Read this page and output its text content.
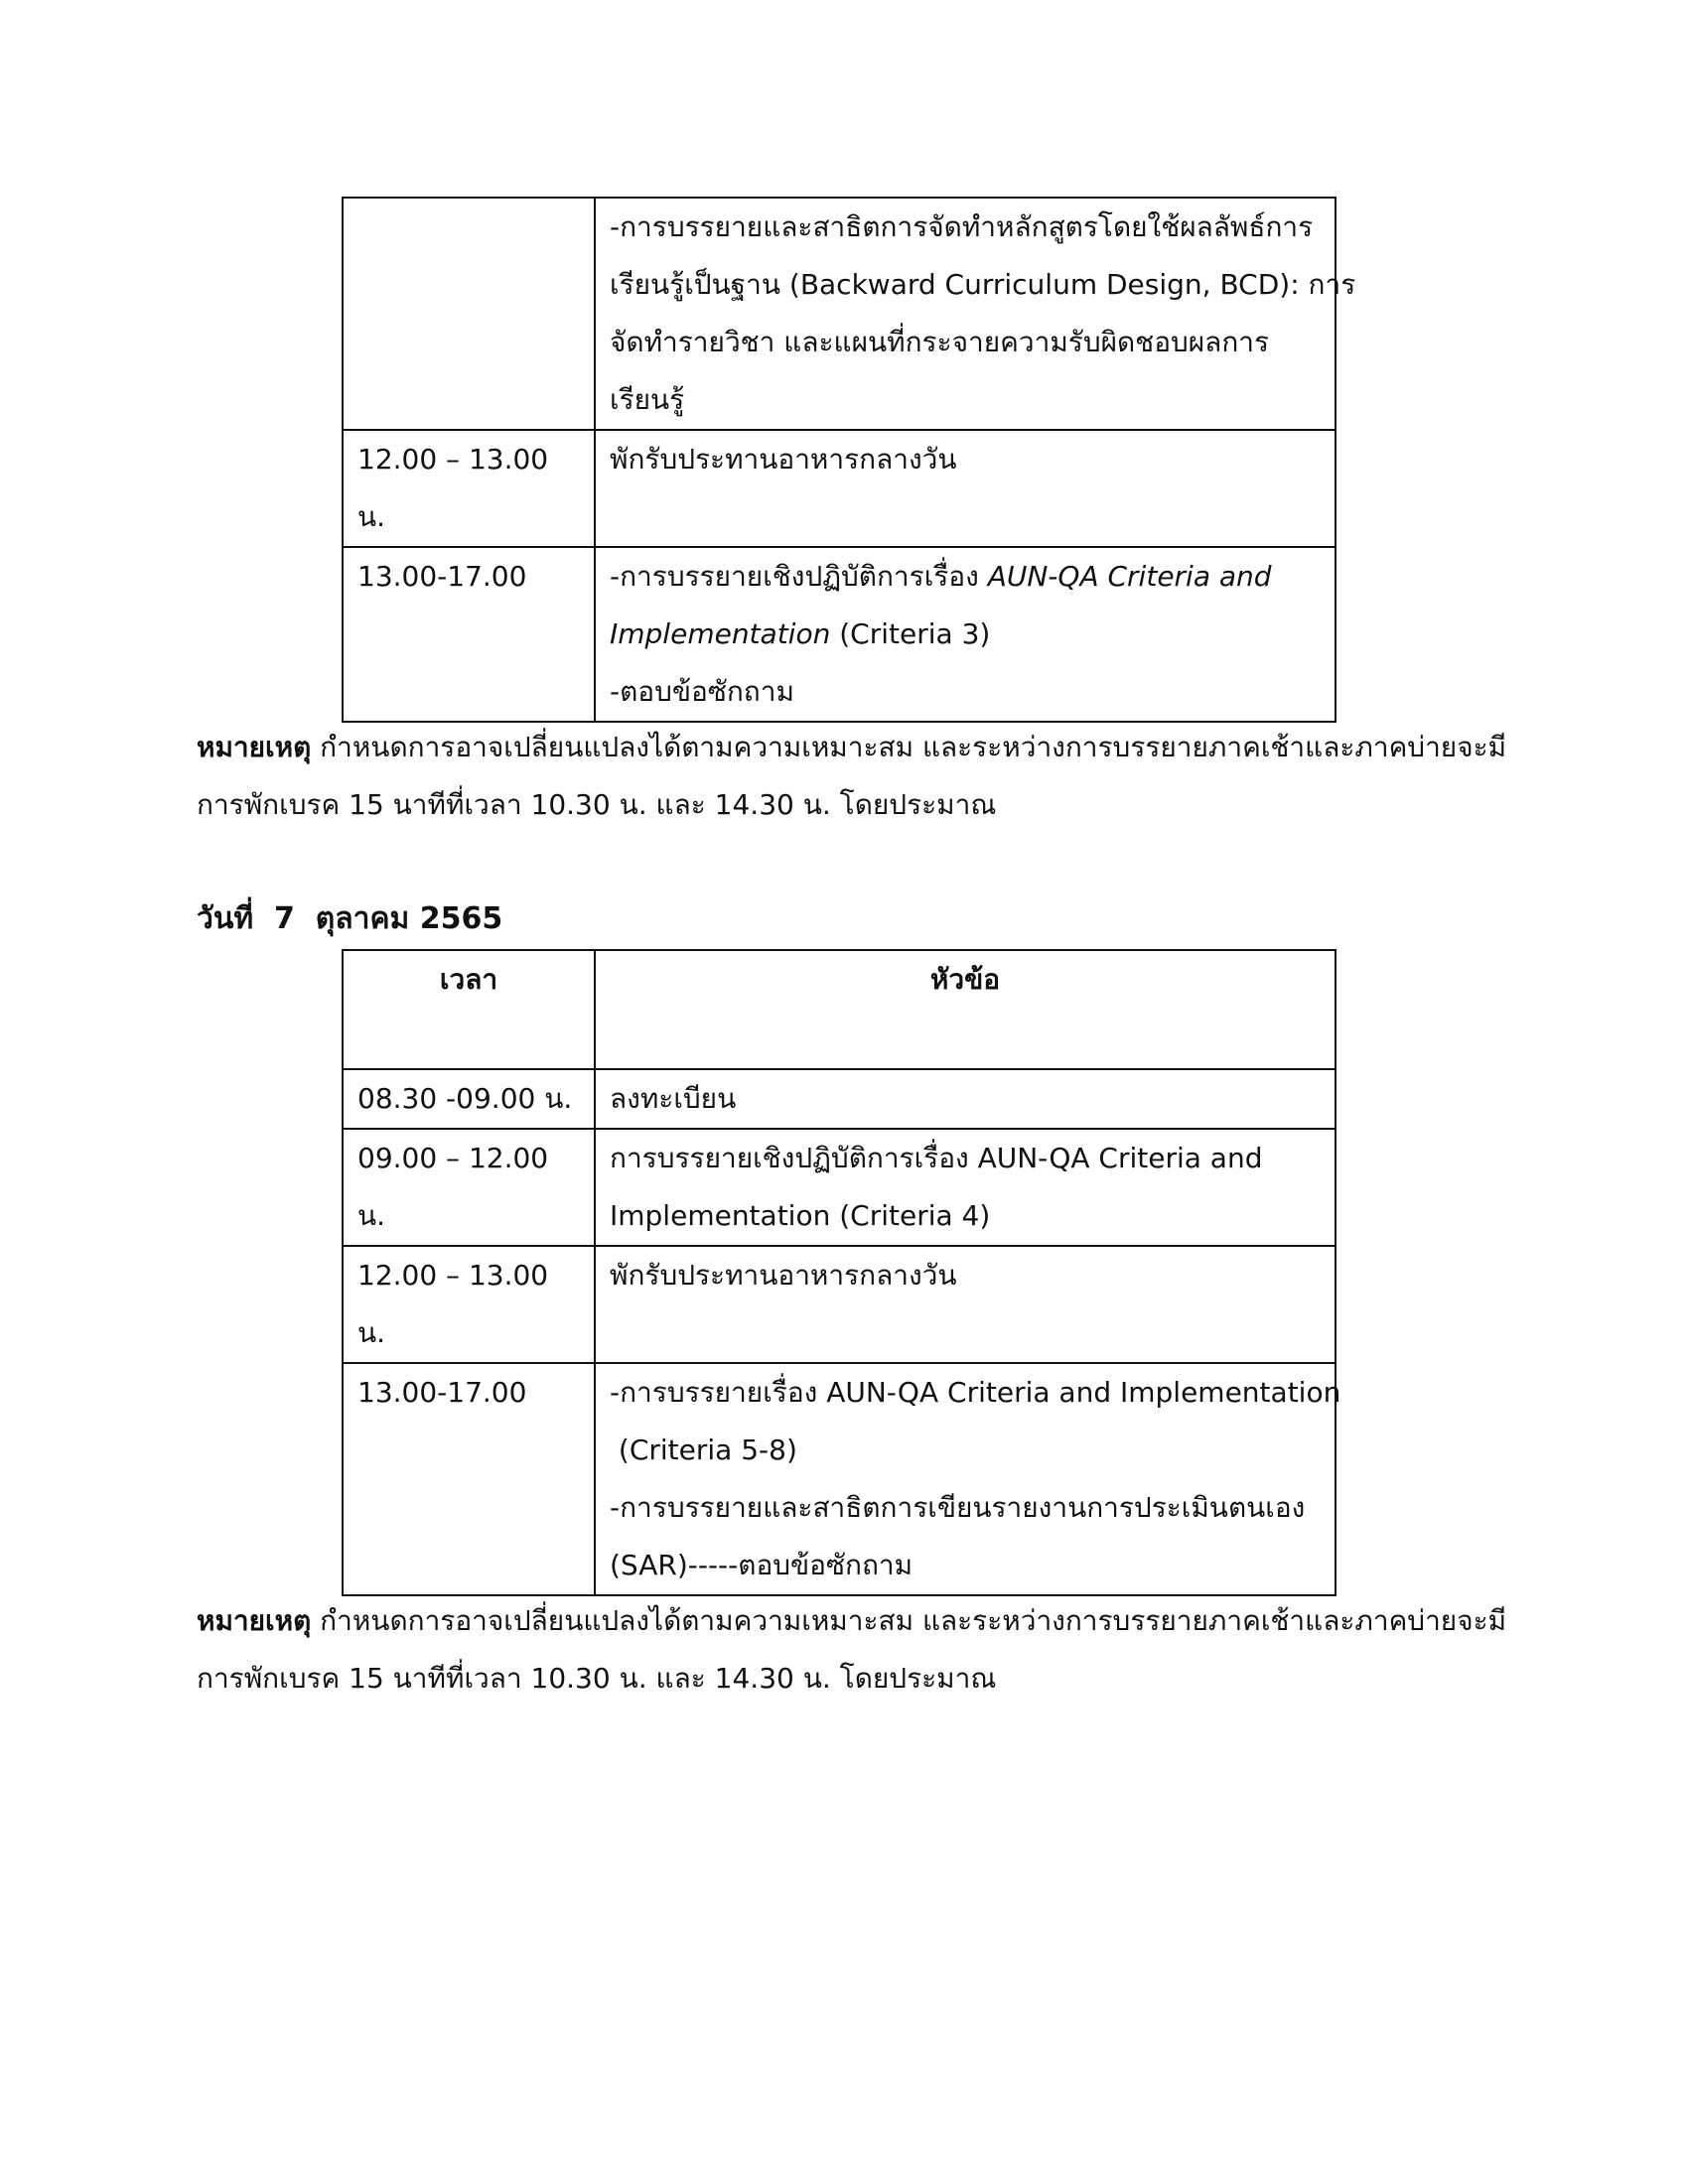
	-การบรรยายและสาธิตการจัดทำหลักสูตรโดยใช้ผลลัพธ์การ
เรียนรู้เป็นฐาน (Backward Curriculum Design, BCD): การ
จัดทำรายวิชา และแผนที่กระจายความรับผิดชอบผลการ
เรียนรู้

12.00 – 13.00 น.	พักรับประทานอาหารกลางวัน

13.00-17.00	-การบรรยายเชิงปฏิบัติการเรื่อง AUN-QA Criteria and
Implementation (Criteria 3)
-ตอบข้อซักถาม
หมายเหตุ กำหนดการอาจเปลี่ยนแปลงได้ตามความเหมาะสม และระหว่างการบรรยายภาคเช้าและภาคบ่ายจะมี
การพักเบรค 15 นาทีที่เวลา 10.30 น. และ 14.30 น. โดยประมาณ
วันที่  7  ตุลาคม 2565
เวลา	หัวข้อ
08.30 -09.00 น.	ลงทะเบียน

09.00 – 12.00 น.	การบรรยายเชิงปฏิบัติการเรื่อง AUN-QA Criteria and
Implementation (Criteria 4)

12.00 – 13.00 น.	พักรับประทานอาหารกลางวัน

13.00-17.00	-การบรรยายเรื่อง AUN-QA Criteria and Implementation
(Criteria 5-8)
-การบรรยายและสาธิตการเขียนรายงานการประเมินตนเอง
(SAR)-----ตอบข้อซักถาม
หมายเหตุ กำหนดการอาจเปลี่ยนแปลงได้ตามความเหมาะสม และระหว่างการบรรยายภาคเช้าและภาคบ่ายจะมี
การพักเบรค 15 นาทีที่เวลา 10.30 น. และ 14.30 น. โดยประมาณ
